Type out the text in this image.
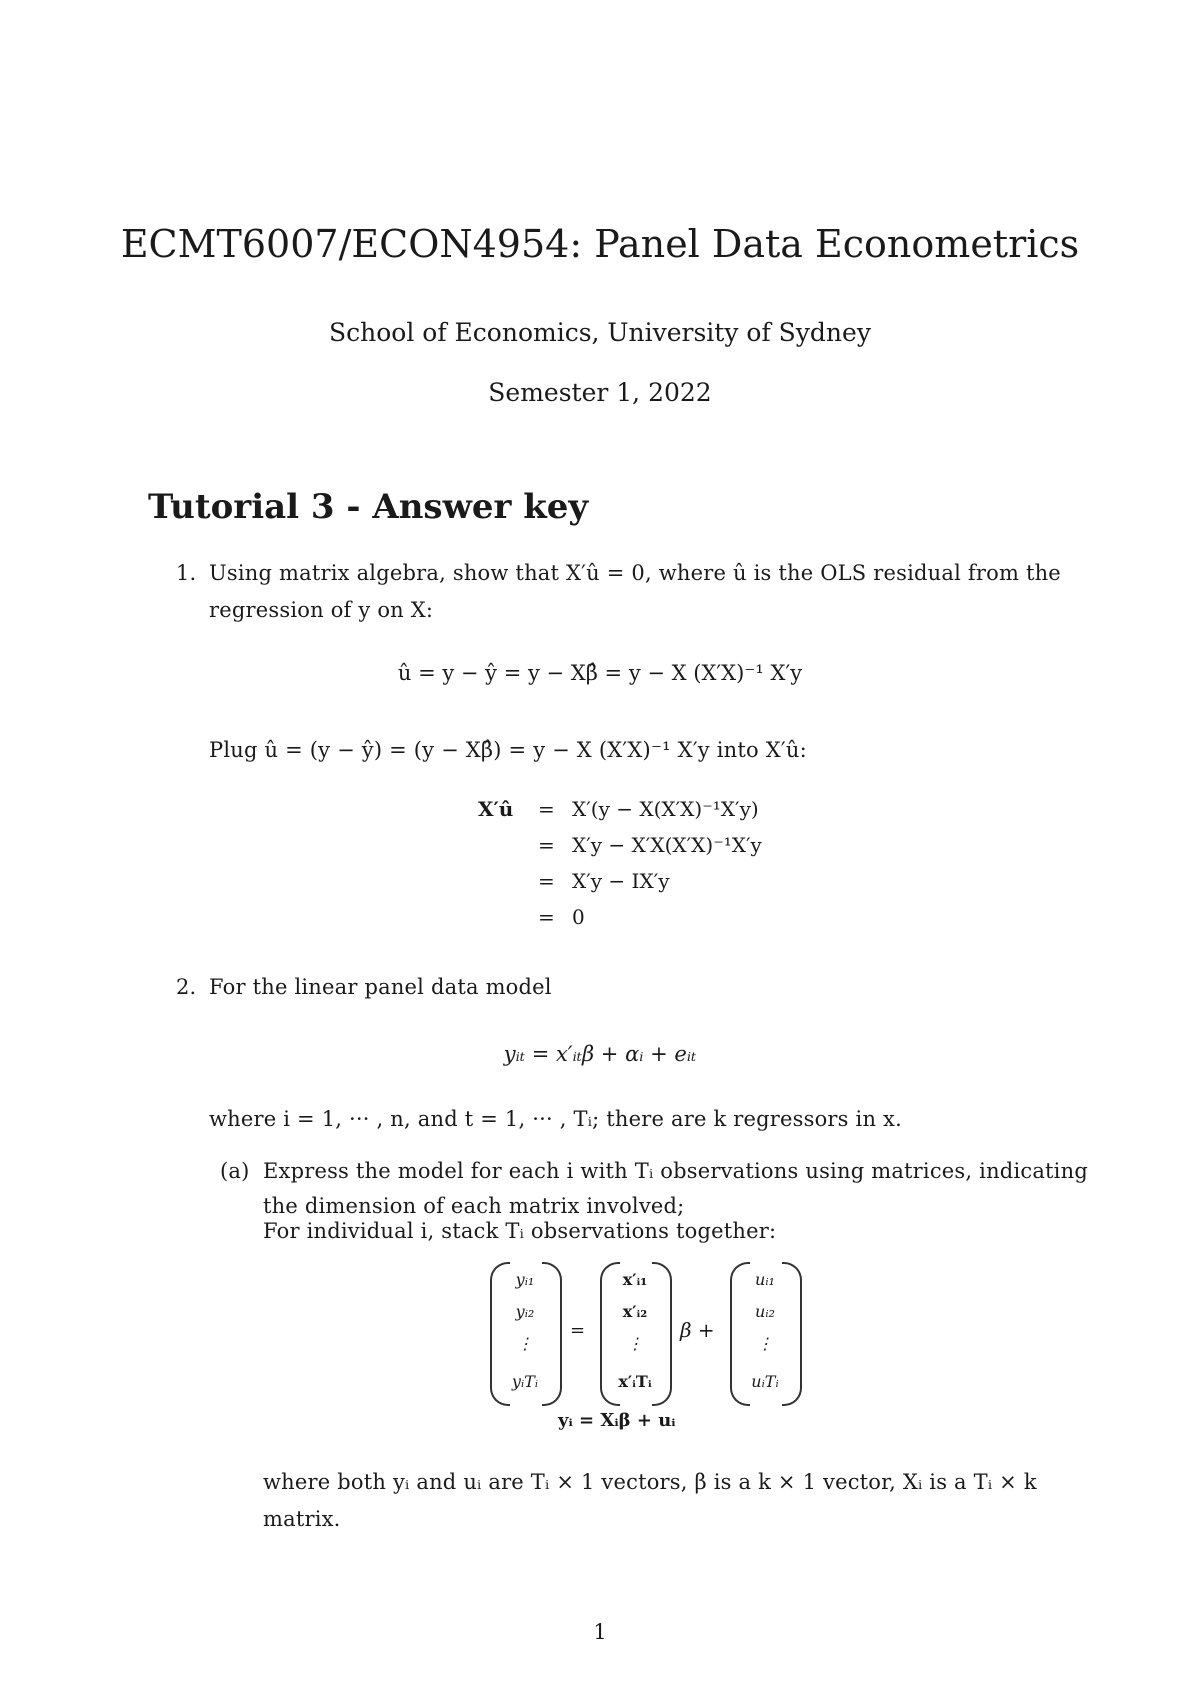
ECMT6007/ECON4954: Panel Data Econometrics
School of Economics, University of Sydney
Semester 1, 2022
Tutorial 3 - Answer key
1. Using matrix algebra, show that X′û = 0, where û is the OLS residual from the
regression of y on X:
û = y − ŷ = y − Xβ̂ = y − X (X′X)⁻¹ X′y
Plug û = (y − ŷ) = (y − Xβ̂) = y − X (X′X)⁻¹ X′y into X′û:
X′û =
=
=
=
X′(y − X(X′X)⁻¹X′y)
X′y − X′X(X′X)⁻¹X′y
X′y − IX′y
0
2. For the linear panel data model
yᵢₜ = x′ᵢₜβ + αᵢ + eᵢₜ
where i = 1, ··· , n, and t = 1, ··· , Tᵢ; there are k regressors in x.
(a) Express the model for each i with Tᵢ observations using matrices, indicating
the dimension of each matrix involved;
For individual i, stack Tᵢ observations together:
yᵢ₁
yᵢ₂
⋮
yᵢTᵢ
=
x′ᵢ₁
x′ᵢ₂
⋮
x′ᵢTᵢ
β +
uᵢ₁
uᵢ₂
⋮
uᵢTᵢ
yᵢ = Xᵢβ + uᵢ
where both yᵢ and uᵢ are Tᵢ × 1 vectors, β is a k × 1 vector, Xᵢ is a Tᵢ × k
matrix.
1
